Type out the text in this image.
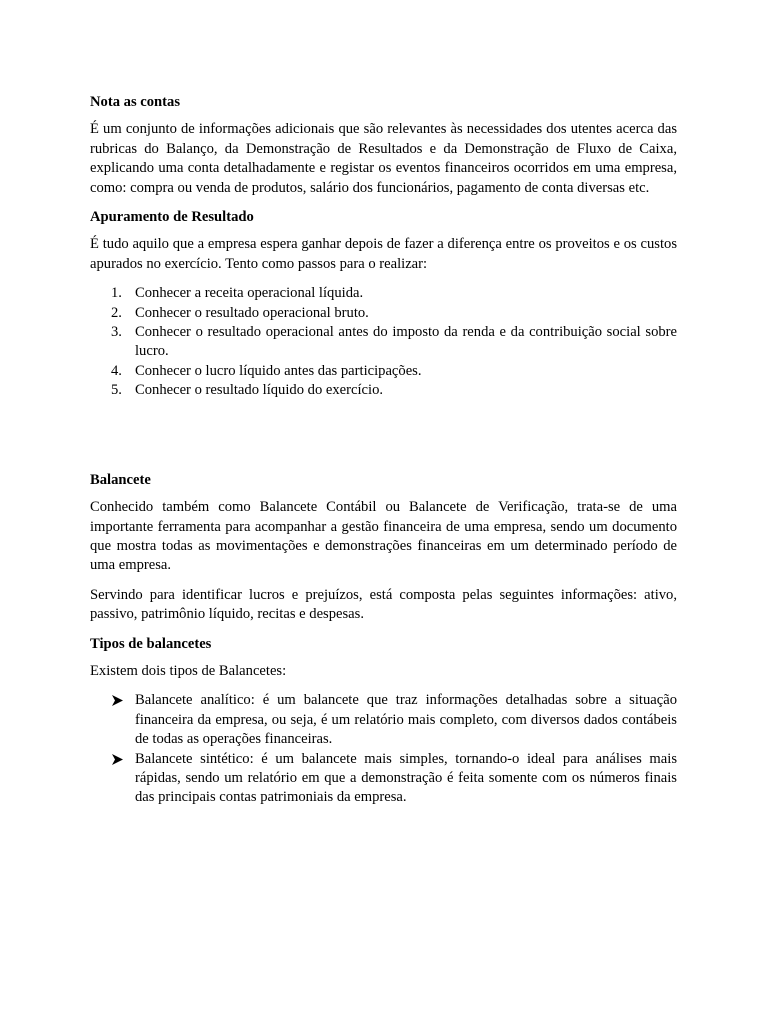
Nota as contas

É um conjunto de informações adicionais que são relevantes às necessidades dos utentes acerca das rubricas do Balanço, da Demonstração de Resultados e da Demonstração de Fluxo de Caixa, explicando uma conta detalhadamente e registar os eventos financeiros ocorridos em uma empresa, como: compra ou venda de produtos, salário dos funcionários, pagamento de conta diversas etc.

Apuramento de Resultado

É tudo aquilo que a empresa espera ganhar depois de fazer a diferença entre os proveitos e os custos apurados no exercício. Tento como passos para o realizar:

1. Conhecer a receita operacional líquida.
2. Conhecer o resultado operacional bruto.
3. Conhecer o resultado operacional antes do imposto da renda e da contribuição social sobre lucro.
4. Conhecer o lucro líquido antes das participações.
5. Conhecer o resultado líquido do exercício.
Balancete

Conhecido também como Balancete Contábil ou Balancete de Verificação, trata-se de uma importante ferramenta para acompanhar a gestão financeira de uma empresa, sendo um documento que mostra todas as movimentações e demonstrações financeiras em um determinado período de uma empresa.

Servindo para identificar lucros e prejuízos, está composta pelas seguintes informações: ativo, passivo, patrimônio líquido, recitas e despesas.

Tipos de balancetes

Existem dois tipos de Balancetes:

Balancete analítico: é um balancete que traz informações detalhadas sobre a situação financeira da empresa, ou seja, é um relatório mais completo, com diversos dados contábeis de todas as operações financeiras.
Balancete sintético: é um balancete mais simples, tornando-o ideal para análises mais rápidas, sendo um relatório em que a demonstração é feita somente com os números finais das principais contas patrimoniais da empresa.
